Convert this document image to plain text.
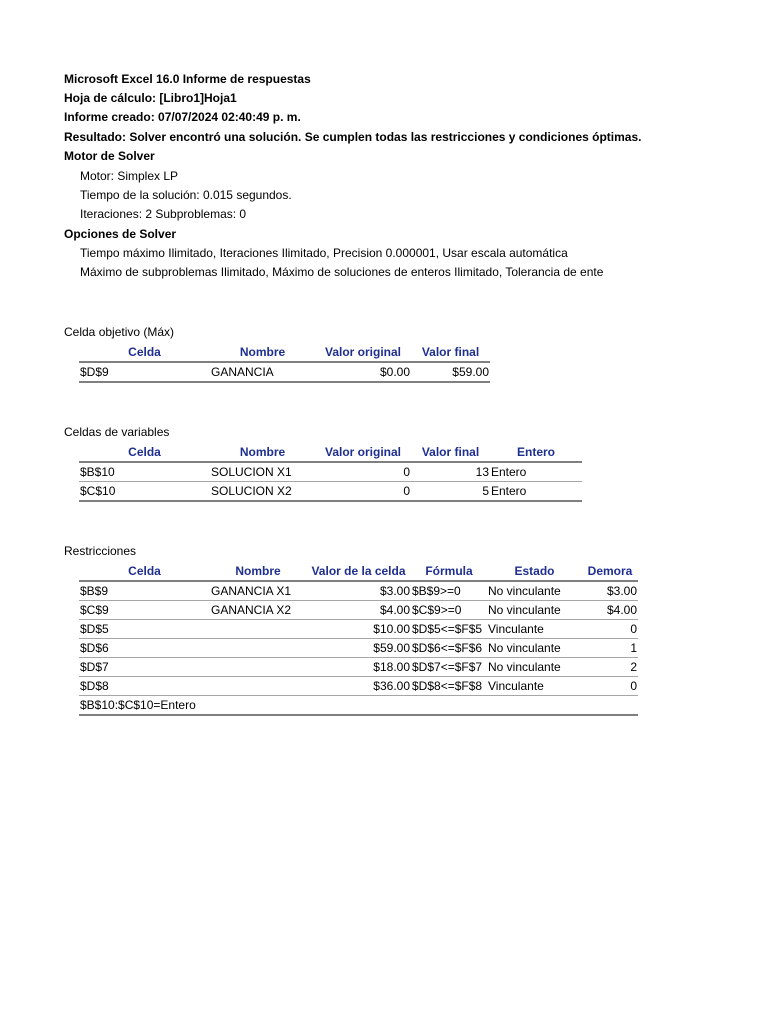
Microsoft Excel 16.0 Informe de respuestas
Hoja de cálculo: [Libro1]Hoja1
Informe creado: 07/07/2024 02:40:49 p. m.
Resultado: Solver encontró una solución. Se cumplen todas las restricciones y condiciones óptimas.
Motor de Solver
Motor: Simplex LP
Tiempo de la solución: 0.015 segundos.
Iteraciones: 2 Subproblemas: 0
Opciones de Solver
Tiempo máximo Ilimitado, Iteraciones Ilimitado, Precision 0.000001, Usar escala automática
Máximo de subproblemas Ilimitado, Máximo de soluciones de enteros Ilimitado, Tolerancia de ente
Celda objetivo (Máx)
Celda	Nombre	Valor original	Valor final
$D$9	GANANCIA	$0.00	$59.00
Celdas de variables
Celda	Nombre	Valor original	Valor final	Entero
$B$10	SOLUCION X1	0	13	Entero
$C$10	SOLUCION X2	0	5	Entero
Restricciones
Celda	Nombre	Valor de la celda	Fórmula	Estado	Demora
$B$9	GANANCIA X1	$3.00	$B$9>=0	No vinculante	$3.00
$C$9	GANANCIA X2	$4.00	$C$9>=0	No vinculante	$4.00
$D$5		$10.00	$D$5<=$F$5	Vinculante	0
$D$6		$59.00	$D$6<=$F$6	No vinculante	1
$D$7		$18.00	$D$7<=$F$7	No vinculante	2
$D$8		$36.00	$D$8<=$F$8	Vinculante	0
$B$10:$C$10=Entero					
